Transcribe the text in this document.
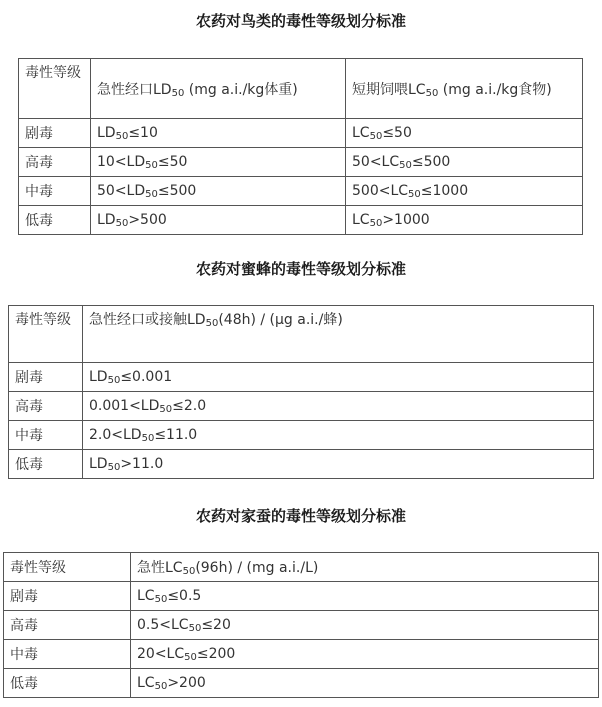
农药对鸟类的毒性等级划分标准
毒性等级	急性经口$LD_{50}$ (mg a.i./kg体重)	短期饲喂$LC_{50}$ (mg a.i./kg食物)
剧毒	$LD_{50}\le 10$	$LC_{50}\le 50$
高毒	$10<LD_{50}\le 50$	$50<LC_{50}\le 500$
中毒	$50<LD_{50}\le 500$	$500<LC_{50}\le 1000$
低毒	$LD_{50}>500$	$LC_{50}>1000$
农药对蜜蜂的毒性等级划分标准
毒性等级	急性经口或接触$LD_{50}(48h) / (\mu g$ a.i./蜂)
剧毒	$LD_{50}\le 0.001$
高毒	$0.001<LD_{50}\le 2.0$
中毒	$2.0<LD_{50}\le 11.0$
低毒	$LD_{50}>11.0$
农药对家蚕的毒性等级划分标准
毒性等级	急性$LC_{50}(96h) / (mg$ a.i./L)
剧毒	$LC_{50}\le 0.5$
高毒	$0.5<LC_{50}\le 20$
中毒	$20<LC_{50}\le 200$
低毒	$LC_{50}>200$
